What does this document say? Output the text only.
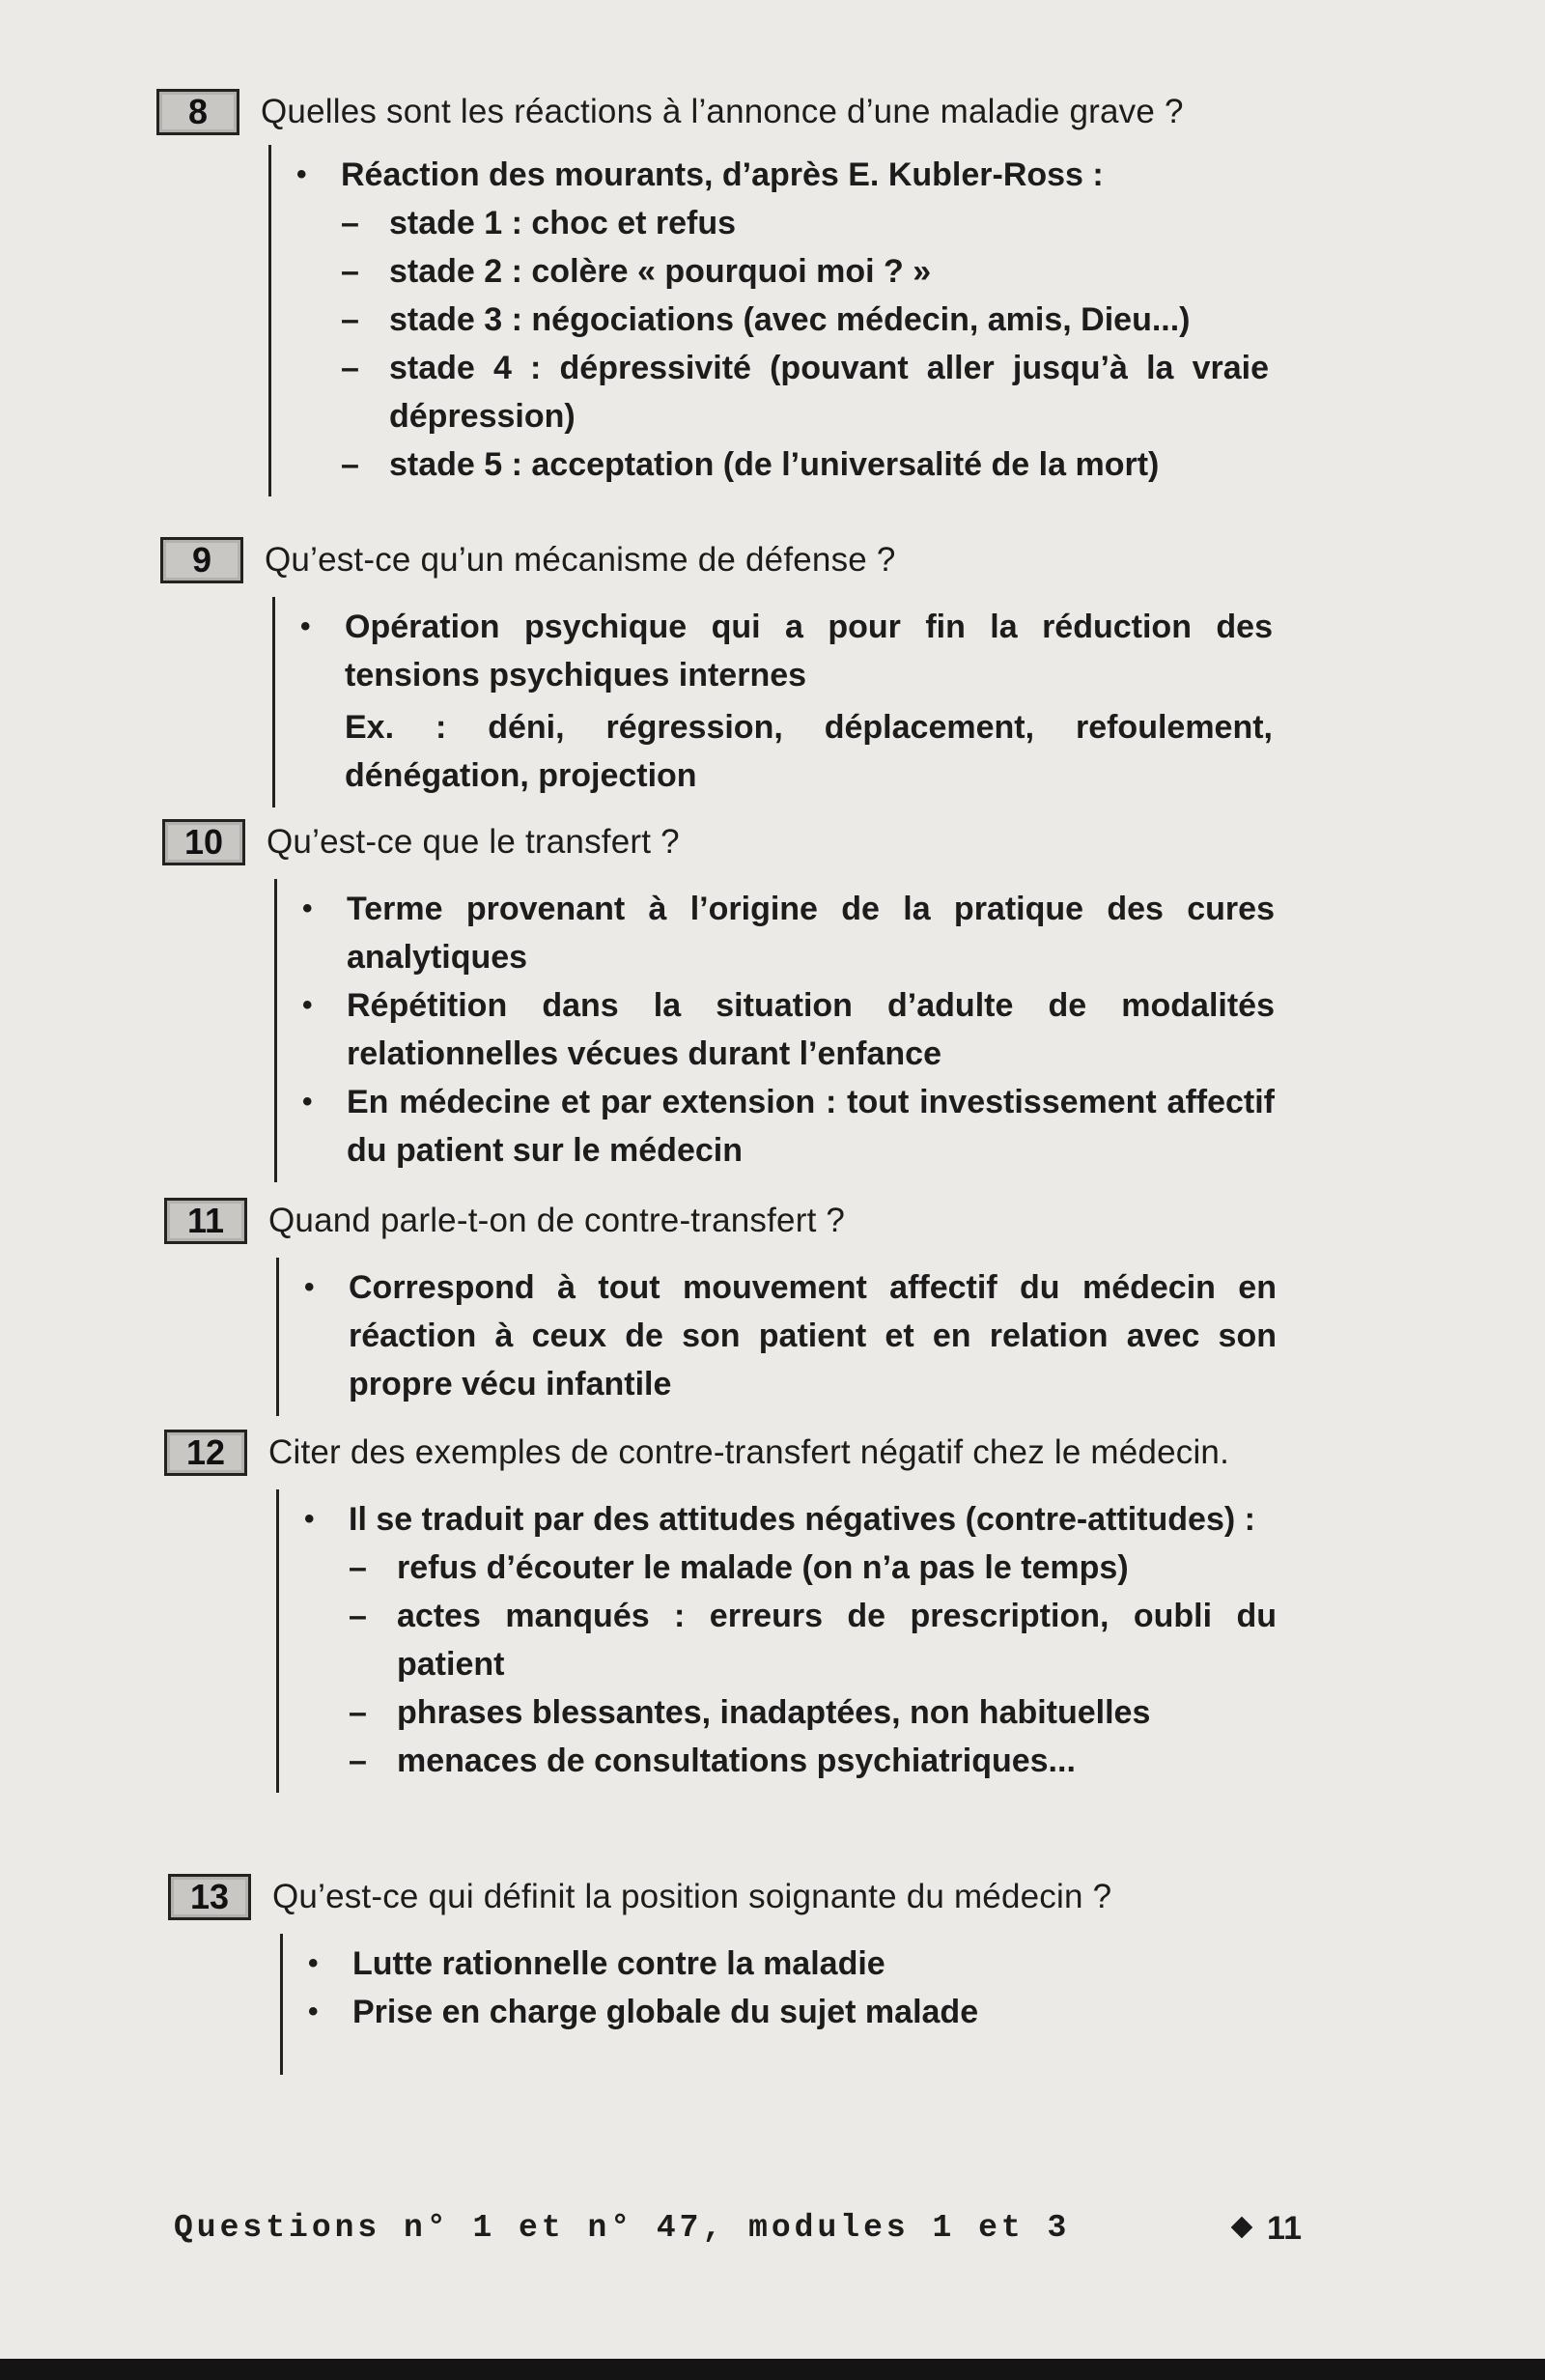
8	Quelles sont les réactions à l’annonce d’une maladie grave ?
•	Réaction des mourants, d’après E. Kubler-Ross :
– stade 1 : choc et refus
– stade 2 : colère « pourquoi moi ? »
– stade 3 : négociations (avec médecin, amis, Dieu...)
– stade 4 : dépressivité (pouvant aller jusqu’à la vraie dépression)
– stade 5 : acceptation (de l’universalité de la mort)
9	Qu’est-ce qu’un mécanisme de défense ?
•	Opération psychique qui a pour fin la réduction des tensions psychiques internes
Ex. : déni, régression, déplacement, refoulement, dénégation, projection
10	Qu’est-ce que le transfert ?
•	Terme provenant à l’origine de la pratique des cures analytiques
•	Répétition dans la situation d’adulte de modalités relationnelles vécues durant l’enfance
•	En médecine et par extension : tout investissement affectif du patient sur le médecin
11	Quand parle-t-on de contre-transfert ?
•	Correspond à tout mouvement affectif du médecin en réaction à ceux de son patient et en relation avec son propre vécu infantile
12	Citer des exemples de contre-transfert négatif chez le médecin.
•	Il se traduit par des attitudes négatives (contre-attitudes) :
– refus d’écouter le malade (on n’a pas le temps)
– actes manqués : erreurs de prescription, oubli du patient
– phrases blessantes, inadaptées, non habituelles
– menaces de consultations psychiatriques...
13	Qu’est-ce qui définit la position soignante du médecin ?
•	Lutte rationnelle contre la maladie
•	Prise en charge globale du sujet malade
Questions n° 1 et n° 47, modules 1 et 3	11
